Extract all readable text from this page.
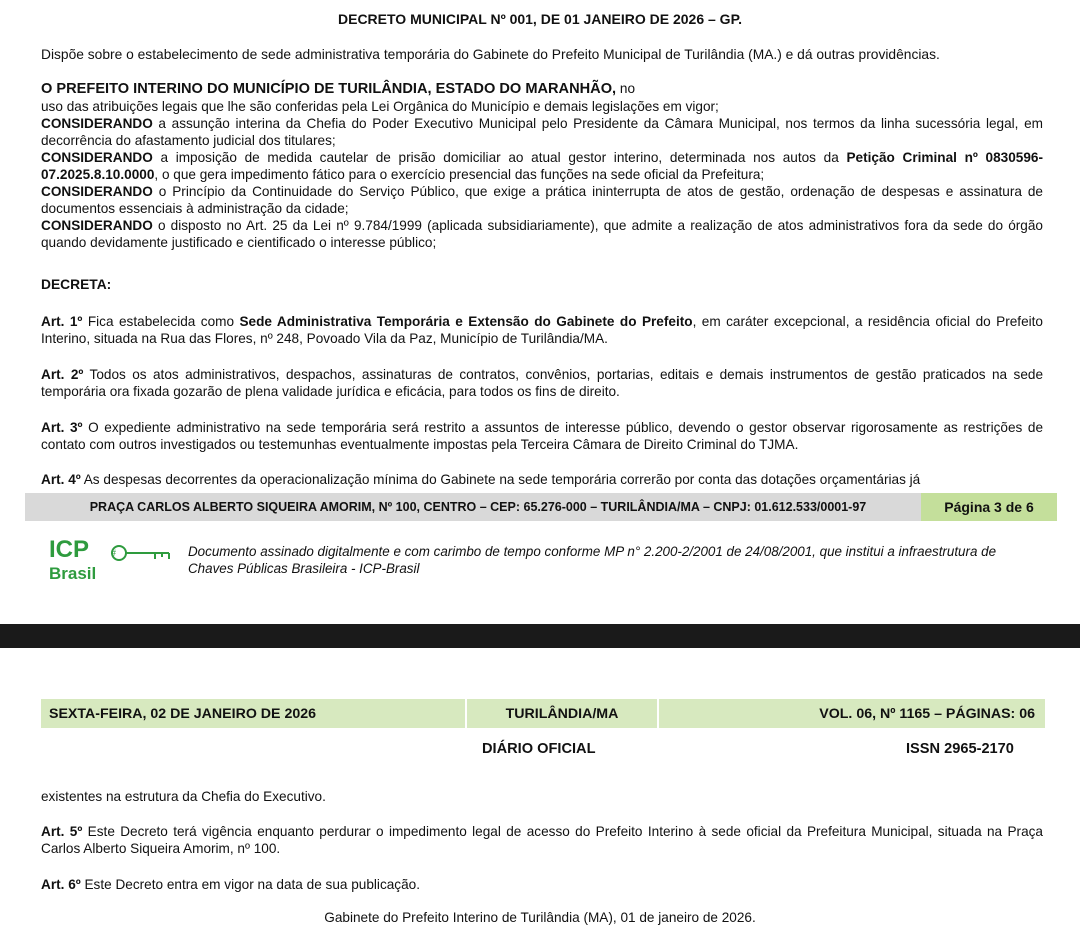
DECRETO MUNICIPAL Nº 001, DE 01 JANEIRO DE 2026 – GP.
Dispõe sobre o estabelecimento de sede administrativa temporária do Gabinete do Prefeito Municipal de Turilândia (MA.) e dá outras providências.
O PREFEITO INTERINO DO MUNICÍPIO DE TURILÂNDIA, ESTADO DO MARANHÃO, no
uso das atribuições legais que lhe são conferidas pela Lei Orgânica do Município e demais legislações em vigor;
CONSIDERANDO a assunção interina da Chefia do Poder Executivo Municipal pelo Presidente da Câmara Municipal, nos termos da linha sucessória legal, em decorrência do afastamento judicial dos titulares;
CONSIDERANDO a imposição de medida cautelar de prisão domiciliar ao atual gestor interino, determinada nos autos da Petição Criminal nº 0830596-07.2025.8.10.0000, o que gera impedimento fático para o exercício presencial das funções na sede oficial da Prefeitura;
CONSIDERANDO o Princípio da Continuidade do Serviço Público, que exige a prática ininterrupta de atos de gestão, ordenação de despesas e assinatura de documentos essenciais à administração da cidade;
CONSIDERANDO o disposto no Art. 25 da Lei nº 9.784/1999 (aplicada subsidiariamente), que admite a realização de atos administrativos fora da sede do órgão quando devidamente justificado e cientificado o interesse público;
DECRETA:
Art. 1º Fica estabelecida como Sede Administrativa Temporária e Extensão do Gabinete do Prefeito, em caráter excepcional, a residência oficial do Prefeito Interino, situada na Rua das Flores, nº 248, Povoado Vila da Paz, Município de Turilândia/MA.
Art. 2º Todos os atos administrativos, despachos, assinaturas de contratos, convênios, portarias, editais e demais instrumentos de gestão praticados na sede temporária ora fixada gozarão de plena validade jurídica e eficácia, para todos os fins de direito.
Art. 3º O expediente administrativo na sede temporária será restrito a assuntos de interesse público, devendo o gestor observar rigorosamente as restrições de contato com outros investigados ou testemunhas eventualmente impostas pela Terceira Câmara de Direito Criminal do TJMA.
Art. 4º As despesas decorrentes da operacionalização mínima do Gabinete na sede temporária correrão por conta das dotações orçamentárias já
PRAÇA CARLOS ALBERTO SIQUEIRA AMORIM, Nº 100, CENTRO – CEP: 65.276-000 – TURILÂNDIA/MA – CNPJ: 01.612.533/0001-97	Página 3 de 6
ICP
Brasil
#	Documento assinado digitalmente e com carimbo de tempo conforme MP n° 2.200-2/2001 de 24/08/2001, que institui a infraestrutura de Chaves Públicas Brasileira - ICP-Brasil
SEXTA-FEIRA, 02 DE JANEIRO DE 2026	TURILÂNDIA/MA	VOL. 06, Nº 1165 – PÁGINAS: 06
DIÁRIO OFICIAL	ISSN 2965-2170
existentes na estrutura da Chefia do Executivo.
Art. 5º Este Decreto terá vigência enquanto perdurar o impedimento legal de acesso do Prefeito Interino à sede oficial da Prefeitura Municipal, situada na Praça Carlos Alberto Siqueira Amorim, nº 100.
Art. 6º Este Decreto entra em vigor na data de sua publicação.
Gabinete do Prefeito Interino de Turilândia (MA), 01 de janeiro de 2026.
